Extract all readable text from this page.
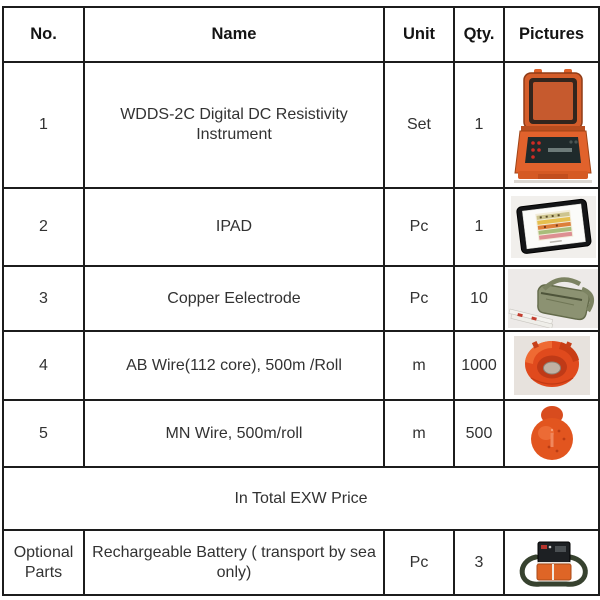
No.	Name	Unit	Qty.	Pictures
1	WDDS-2C Digital DC Resistivity Instrument	Set	1	

2	IPAD	Pc	1	

3	Copper Eelectrode	Pc	10	

4	AB Wire(112 core), 500m /Roll	m	1000	

5	MN Wire, 500m/roll	m	500	

In Total EXW Price				
Optional Parts	Rechargeable Battery ( transport by sea only)	Pc	3	
